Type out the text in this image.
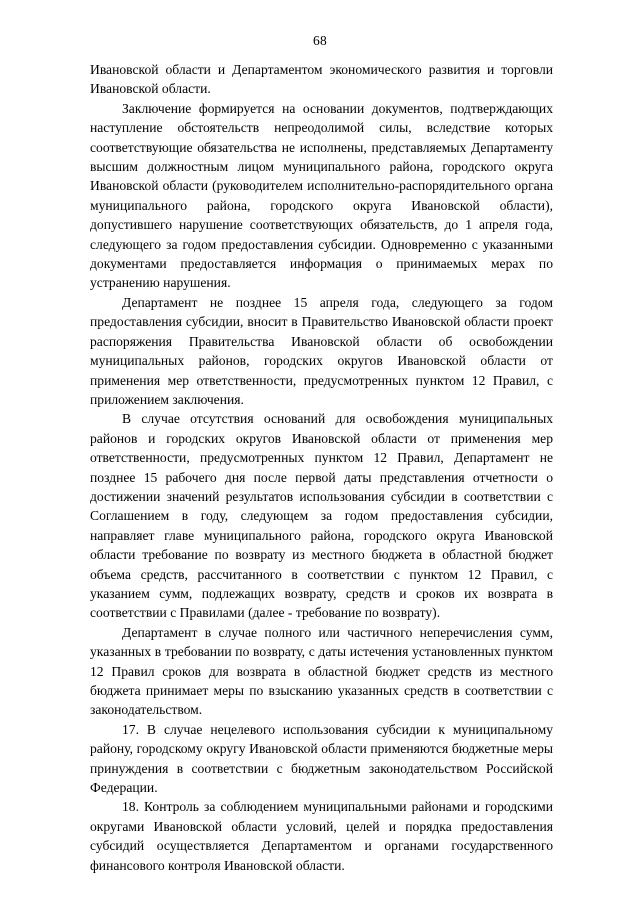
68

Ивановской области и Департаментом экономического развития и торговли Ивановской области.

Заключение формируется на основании документов, подтверждающих наступление обстоятельств непреодолимой силы, вследствие которых соответствующие обязательства не исполнены, представляемых Департаменту высшим должностным лицом муниципального района, городского округа Ивановской области (руководителем исполнительно-распорядительного органа муниципального района, городского округа Ивановской области), допустившего нарушение соответствующих обязательств, до 1 апреля года, следующего за годом предоставления субсидии. Одновременно с указанными документами предоставляется информация о принимаемых мерах по устранению нарушения.

Департамент не позднее 15 апреля года, следующего за годом предоставления субсидии, вносит в Правительство Ивановской области проект распоряжения Правительства Ивановской области об освобождении муниципальных районов, городских округов Ивановской области от применения мер ответственности, предусмотренных пунктом 12 Правил, с приложением заключения.

В случае отсутствия оснований для освобождения муниципальных районов и городских округов Ивановской области от применения мер ответственности, предусмотренных пунктом 12 Правил, Департамент не позднее 15 рабочего дня после первой даты представления отчетности о достижении значений результатов использования субсидии в соответствии с Соглашением в году, следующем за годом предоставления субсидии, направляет главе муниципального района, городского округа Ивановской области требование по возврату из местного бюджета в областной бюджет объема средств, рассчитанного в соответствии с пунктом 12 Правил, с указанием сумм, подлежащих возврату, средств и сроков их возврата в соответствии с Правилами (далее - требование по возврату).

Департамент в случае полного или частичного неперечисления сумм, указанных в требовании по возврату, с даты истечения установленных пунктом 12 Правил сроков для возврата в областной бюджет средств из местного бюджета принимает меры по взысканию указанных средств в соответствии с законодательством.

17. В случае нецелевого использования субсидии к муниципальному району, городскому округу Ивановской области применяются бюджетные меры принуждения в соответствии с бюджетным законодательством Российской Федерации.

18. Контроль за соблюдением муниципальными районами и городскими округами Ивановской области условий, целей и порядка предоставления субсидий осуществляется Департаментом и органами государственного финансового контроля Ивановской области.
